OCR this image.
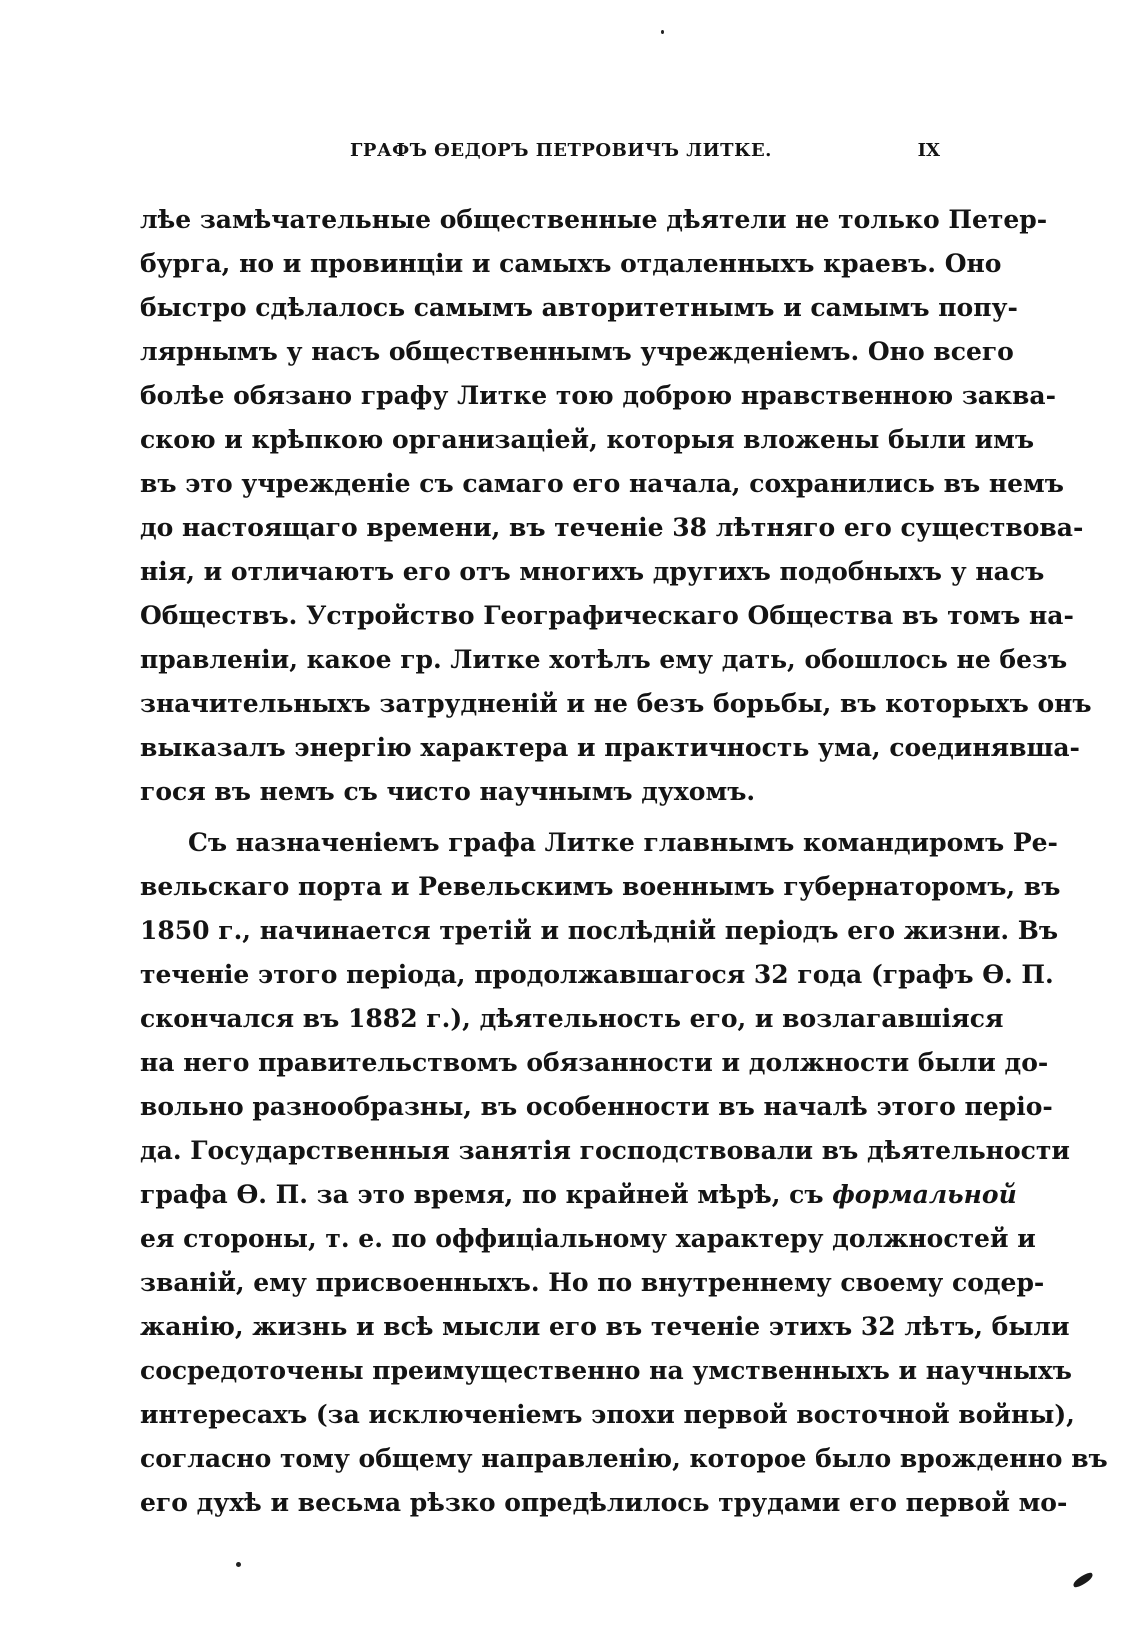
ГРАФЪ ѲЕДОРЪ ПЕТРОВИЧЪ ЛИТКЕ.	IX
лѣе замѣчательные общественные дѣятели не только Петер-
бурга, но и провинціи и самыхъ отдаленныхъ краевъ. Оно
быстро сдѣлалось самымъ авторитетнымъ и самымъ попу-
лярнымъ у насъ общественнымъ учрежденіемъ. Оно всего
болѣе обязано графу Литке тою доброю нравственною заква-
скою и крѣпкою организаціей, которыя вложены были имъ
въ это учрежденіе съ самаго его начала, сохранились въ немъ
до настоящаго времени, въ теченіе 38 лѣтняго его существова-
нія, и отличаютъ его отъ многихъ другихъ подобныхъ у насъ
Обществъ. Устройство Географическаго Общества въ томъ на-
правленіи, какое гр. Литке хотѣлъ ему дать, обошлось не безъ
значительныхъ затрудненій и не безъ борьбы, въ которыхъ онъ
выказалъ энергію характера и практичность ума, соединявша-
гося въ немъ съ чисто научнымъ духомъ.
Съ назначеніемъ графа Литке главнымъ командиромъ Ре-
вельскаго порта и Ревельскимъ военнымъ губернаторомъ, въ
1850 г., начинается третій и послѣдній періодъ его жизни. Въ
теченіе этого періода, продолжавшагося 32 года (графъ Ѳ. П.
скончался въ 1882 г.), дѣятельность его, и возлагавшіяся
на него правительствомъ обязанности и должности были до-
вольно разнообразны, въ особенности въ началѣ этого періо-
да. Государственныя занятія господствовали въ дѣятельности
графа Ѳ. П. за это время, по крайней мѣрѣ, съ формальной
ея стороны, т. е. по оффиціальному характеру должностей и
званій, ему присвоенныхъ. Но по внутреннему своему содер-
жанію, жизнь и всѣ мысли его въ теченіе этихъ 32 лѣтъ, были
сосредоточены преимущественно на умственныхъ и научныхъ
интересахъ (за исключеніемъ эпохи первой восточной войны),
согласно тому общему направленію, которое было врожденно въ
его духѣ и весьма рѣзко опредѣлилось трудами его первой мо-
